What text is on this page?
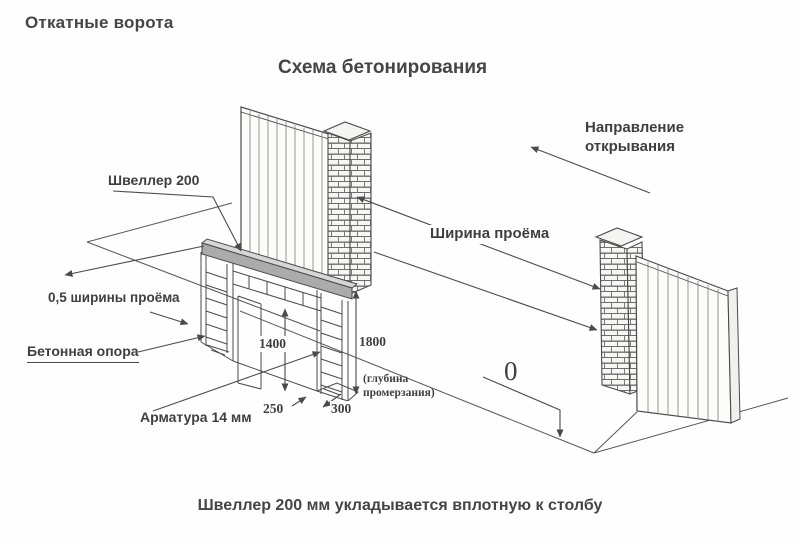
Откатные ворота
Схема бетонирования
Направление
открывания
Швеллер 200
Ширина проёма
0,5 ширины проёма
Бетонная опора
Арматура 14 мм
1400	1800
(глубина
промерзания)
250	300
0
Швеллер 200 мм укладывается вплотную к столбу
